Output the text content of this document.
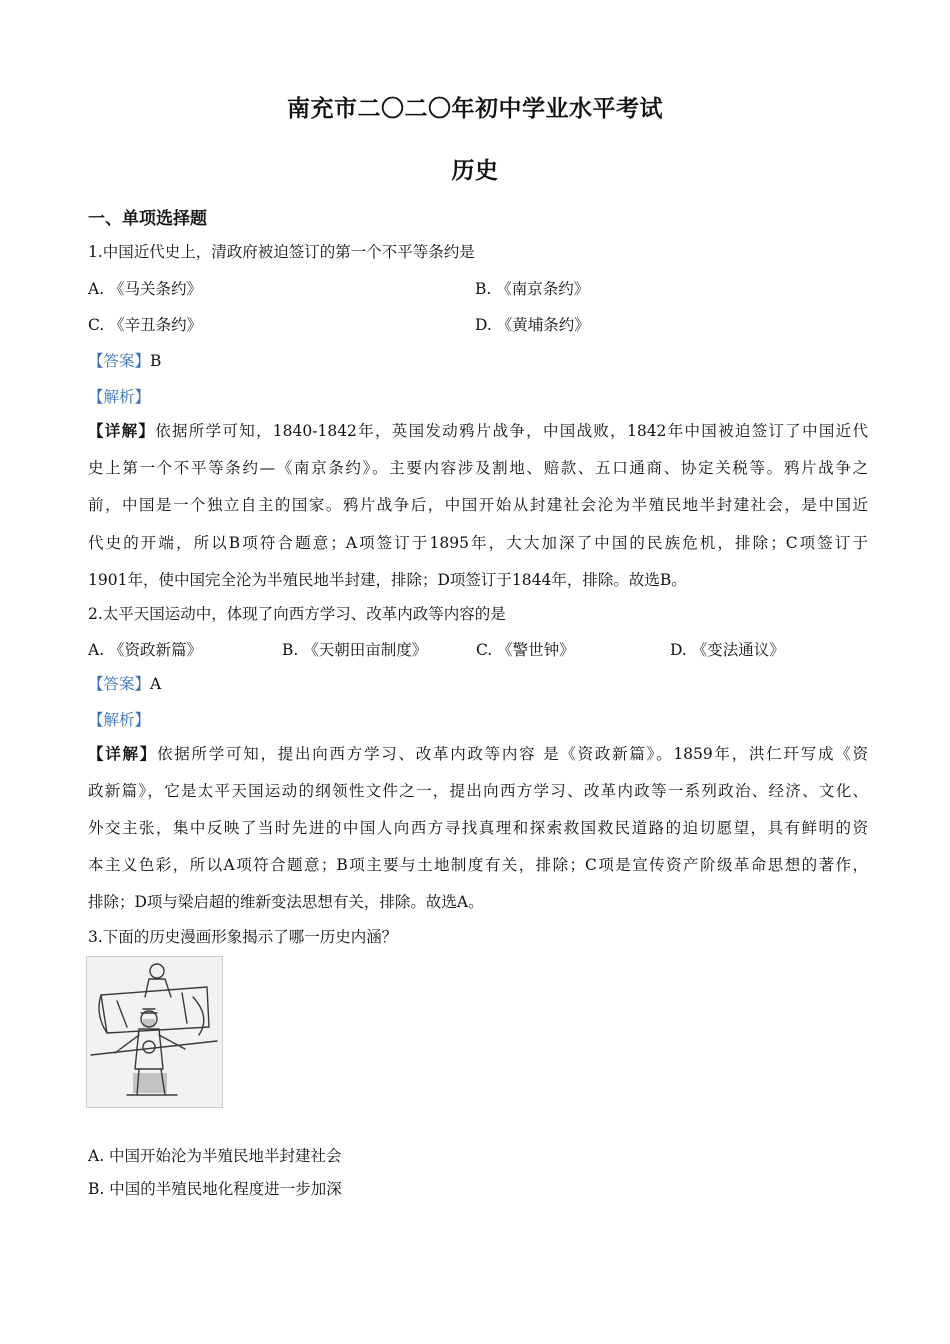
南充市二〇二〇年初中学业水平考试
历史
一、单项选择题
1.中国近代史上，清政府被迫签订的第一个不平等条约是
A. 《马关条约》	B. 《南京条约》
C. 《辛丑条约》	D. 《黄埔条约》
【答案】B
【解析】
【详解】依据所学可知，1840-1842年，英国发动鸦片战争，中国战败，1842年中国被迫签订了中国近代
史上第一个不平等条约—《南京条约》。主要内容涉及割地、赔款、五口通商、协定关税等。鸦片战争之
前，中国是一个独立自主的国家。鸦片战争后，中国开始从封建社会沦为半殖民地半封建社会，是中国近
代史的开端，所以B项符合题意；A项签订于1895年，大大加深了中国的民族危机，排除；C项签订于
1901年，使中国完全沦为半殖民地半封建，排除；D项签订于1844年，排除。故选B。
2.太平天国运动中，体现了向西方学习、改革内政等内容的是
A. 《资政新篇》	B. 《天朝田亩制度》	C. 《警世钟》	D. 《变法通议》
【答案】A
【解析】
【详解】依据所学可知，提出向西方学习、改革内政等内容 是《资政新篇》。1859年，洪仁玕写成《资
政新篇》，它是太平天国运动的纲领性文件之一，提出向西方学习、改革内政等一系列政治、经济、文化、
外交主张，集中反映了当时先进的中国人向西方寻找真理和探索救国救民道路的迫切愿望，具有鲜明的资
本主义色彩，所以A项符合题意；B项主要与土地制度有关，排除；C项是宣传资产阶级革命思想的著作，
排除；D项与梁启超的维新变法思想有关，排除。故选A。
3.下面的历史漫画形象揭示了哪一历史内涵？
A. 中国开始沦为半殖民地半封建社会
B. 中国的半殖民地化程度进一步加深
